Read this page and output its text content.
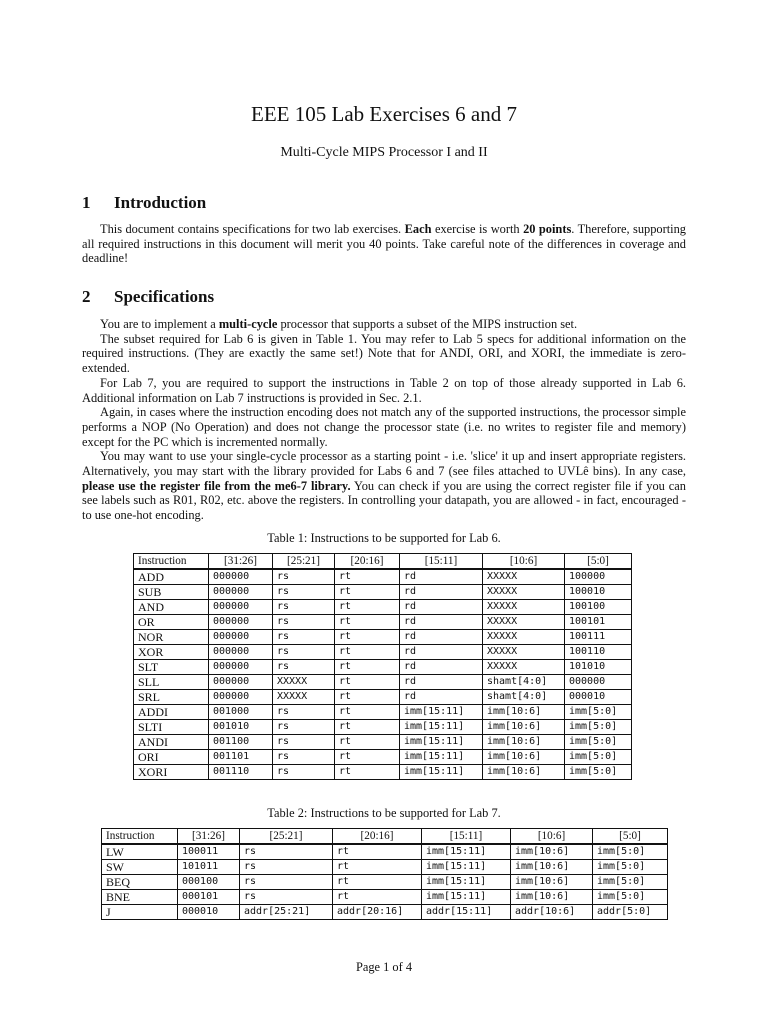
EEE 105 Lab Exercises 6 and 7
Multi-Cycle MIPS Processor I and II
1 Introduction

This document contains specifications for two lab exercises. Each exercise is worth 20 points. Therefore, supporting all required instructions in this document will merit you 40 points. Take careful note of the differences in coverage and deadline!

2 Specifications

You are to implement a multi-cycle processor that supports a subset of the MIPS instruction set.

The subset required for Lab 6 is given in Table 1. You may refer to Lab 5 specs for additional information on the required instructions. (They are exactly the same set!) Note that for ANDI, ORI, and XORI, the immediate is zero-extended.

For Lab 7, you are required to support the instructions in Table 2 on top of those already supported in Lab 6. Additional information on Lab 7 instructions is provided in Sec. 2.1.

Again, in cases where the instruction encoding does not match any of the supported instructions, the processor simple performs a NOP (No Operation) and does not change the processor state (i.e. no writes to register file and memory) except for the PC which is incremented normally.

You may want to use your single-cycle processor as a starting point - i.e. 'slice' it up and insert appropriate registers. Alternatively, you may start with the library provided for Labs 6 and 7 (see files attached to UVLê bins). In any case, please use the register file from the me6-7 library. You can check if you are using the correct register file if you can see labels such as R01, R02, etc. above the registers. In controlling your datapath, you are allowed - in fact, encouraged - to use one-hot encoding.

Table 1: Instructions to be supported for Lab 6.
Instruction	[31:26]	[25:21]	[20:16]	[15:11]	[10:6]	[5:0]
ADD	000000	rs	rt	rd	XXXXX	100000
SUB	000000	rs	rt	rd	XXXXX	100010
AND	000000	rs	rt	rd	XXXXX	100100
OR	000000	rs	rt	rd	XXXXX	100101
NOR	000000	rs	rt	rd	XXXXX	100111
XOR	000000	rs	rt	rd	XXXXX	100110
SLT	000000	rs	rt	rd	XXXXX	101010
SLL	000000	XXXXX	rt	rd	shamt[4:0]	000000
SRL	000000	XXXXX	rt	rd	shamt[4:0]	000010
ADDI	001000	rs	rt	imm[15:11]	imm[10:6]	imm[5:0]
SLTI	001010	rs	rt	imm[15:11]	imm[10:6]	imm[5:0]
ANDI	001100	rs	rt	imm[15:11]	imm[10:6]	imm[5:0]
ORI	001101	rs	rt	imm[15:11]	imm[10:6]	imm[5:0]
XORI	001110	rs	rt	imm[15:11]	imm[10:6]	imm[5:0]
Table 2: Instructions to be supported for Lab 7.
Instruction	[31:26]	[25:21]	[20:16]	[15:11]	[10:6]	[5:0]
LW	100011	rs	rt	imm[15:11]	imm[10:6]	imm[5:0]
SW	101011	rs	rt	imm[15:11]	imm[10:6]	imm[5:0]
BEQ	000100	rs	rt	imm[15:11]	imm[10:6]	imm[5:0]
BNE	000101	rs	rt	imm[15:11]	imm[10:6]	imm[5:0]
J	000010	addr[25:21]	addr[20:16]	addr[15:11]	addr[10:6]	addr[5:0]
Page 1 of 4
